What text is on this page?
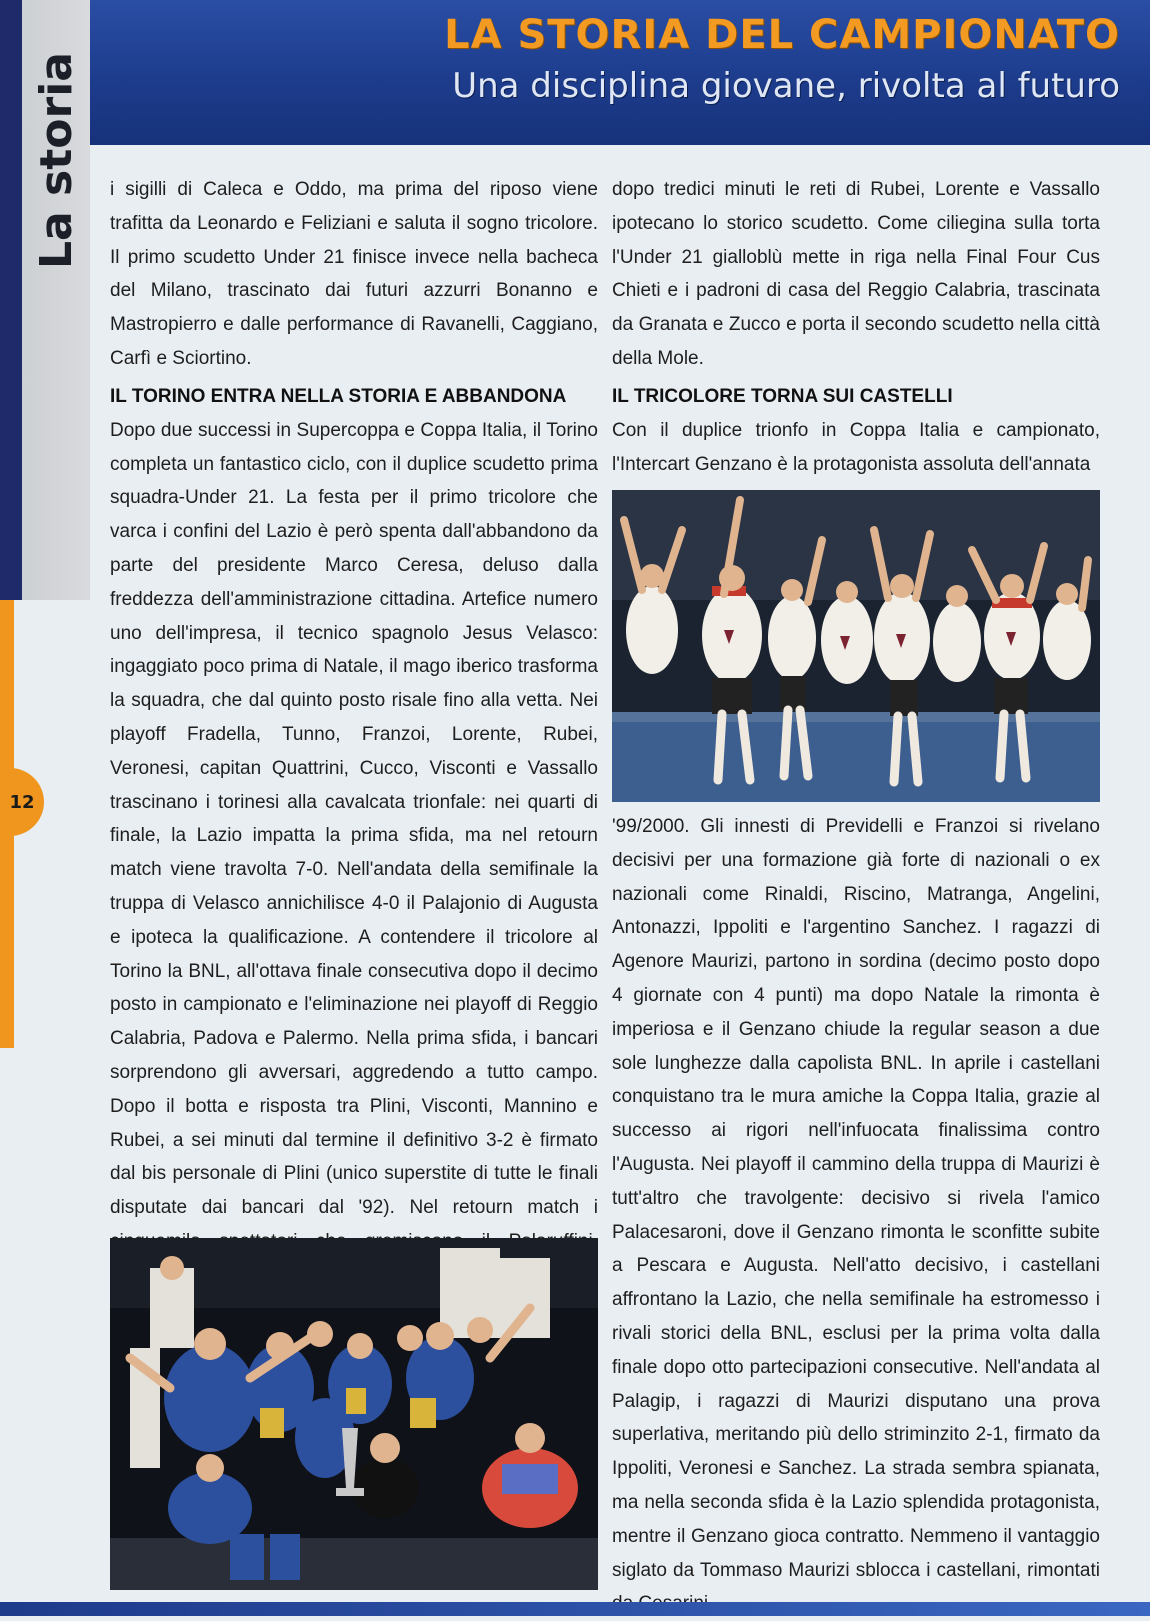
La storia
12
LA STORIA DEL CAMPIONATO
Una disciplina giovane, rivolta al futuro

i sigilli di Caleca e Oddo, ma prima del riposo viene trafitta da Leonardo e Feliziani e saluta il sogno tricolore. Il primo scudetto Under 21 finisce invece nella bacheca del Milano, trascinato dai futuri azzurri Bonanno e Mastropierro e dalle performance di Ravanelli, Caggiano, Carfì e Sciortino.

dopo tredici minuti le reti di Rubei, Lorente e Vassallo ipotecano lo storico scudetto. Come ciliegina sulla torta l'Under 21 gialloblù mette in riga nella Final Four Cus Chieti e i padroni di casa del Reggio Calabria, trascinata da Granata e Zucco e porta il secondo scudetto nella città della Mole.

IL TORINO ENTRA NELLA STORIA E ABBANDONA

Dopo due successi in Supercoppa e Coppa Italia, il Torino completa un fantastico ciclo, con il duplice scudetto prima squadra-Under 21. La festa per il primo tricolore che varca i confini del Lazio è però spenta dall'abbandono da parte del presidente Marco Ceresa, deluso dalla freddezza dell'amministrazione cittadina. Artefice numero uno dell'impresa, il tecnico spagnolo Jesus Velasco: ingaggiato poco prima di Natale, il mago iberico trasforma la squadra, che dal quinto posto risale fino alla vetta. Nei playoff Fradella, Tunno, Franzoi, Lorente, Rubei, Veronesi, capitan Quattrini, Cucco, Visconti e Vassallo trascinano i torinesi alla cavalcata trionfale: nei quarti di finale, la Lazio impatta la prima sfida, ma nel retourn match viene travolta 7-0. Nell'andata della semifinale la truppa di Velasco annichilisce 4-0 il Palajonio di Augusta e ipoteca la qualificazione. A contendere il tricolore al Torino la BNL, all'ottava finale consecutiva dopo il decimo posto in campionato e l'eliminazione nei playoff di Reggio Calabria, Padova e Palermo. Nella prima sfida, i bancari sorprendono gli avversari, aggredendo a tutto campo. Dopo il botta e risposta tra Plini, Visconti, Mannino e Rubei, a sei minuti dal termine il definitivo 3-2 è firmato dal bis personale di Plini (unico superstite di tutte le finali disputate dai bancari dal '92). Nel retourn match i

IL TRICOLORE TORNA SUI CASTELLI

Con il duplice trionfo in Coppa Italia e campionato, l'Intercart Genzano è la protagonista assoluta dell'annata

'99/2000. Gli innesti di Previdelli e Franzoi si rivelano decisivi per una formazione già forte di nazionali o ex nazionali come Rinaldi, Riscino, Matranga, Angelini, Antonazzi, Ippoliti e l'argentino Sanchez. I ragazzi di Agenore Maurizi, partono in sordina (decimo posto dopo 4 giornate con 4 punti) ma dopo Natale la rimonta è imperiosa e il Genzano chiude la regular season a due sole lunghezze dalla capolista BNL. In aprile i castellani conquistano tra le mura amiche la Coppa Italia, grazie al successo ai rigori nell'infuocata finalissima contro l'Augusta. Nei playoff il cammino della truppa di Maurizi è tutt'altro che travolgente: decisivo si rivela l'amico Palacesaroni, dove il Genzano rimonta le sconfitte subite a Pescara e Augusta. Nell'atto decisivo, i castellani affrontano la Lazio, che nella semifinale ha estromesso i rivali storici della BNL, esclusi per la prima volta dalla finale dopo otto partecipazioni consecutive. Nell'andata al Palagip, i ragazzi di Maurizi disputano una prova superlativa, meritando più dello striminzito 2-1, firmato da Ippoliti, Veronesi e Sanchez. La strada sembra spianata, ma nella seconda sfida è la Lazio splendida protagonista, mentre il Genzano gioca contratto. Nemmeno il vantaggio siglato da Tommaso Maurizi sblocca i castellani, rimontati
